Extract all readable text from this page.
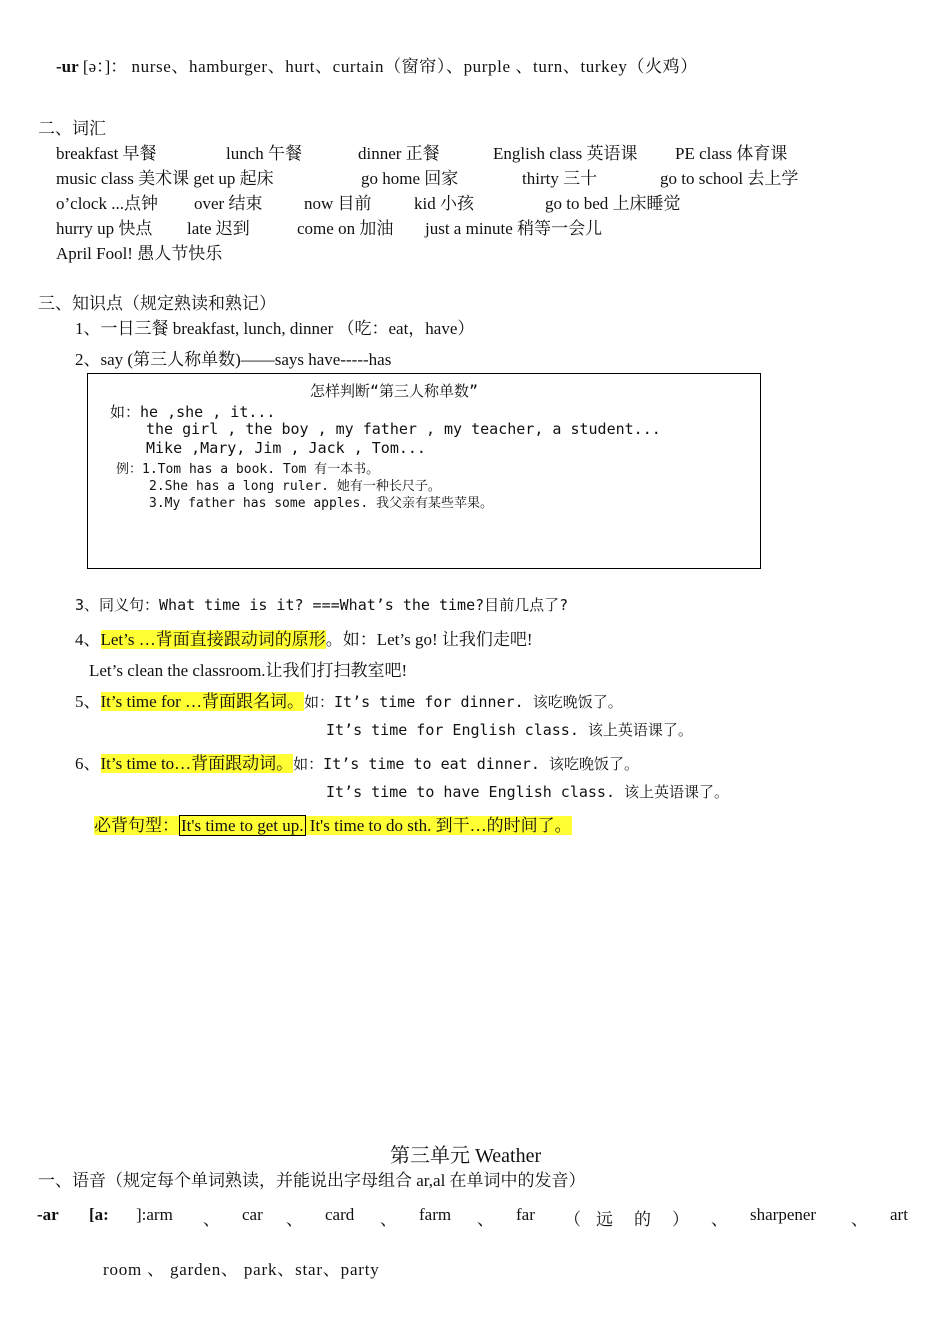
-ur [ə：]： nurse、hamburger、hurt、curtain（窗帘）、purple 、turn、turkey（火鸡）
二、词汇
breakfast 早餐	lunch 午餐	dinner 正餐	English class 英语课 PE class 体育课
music class 美术课 get up 起床	go home 回家	thirty 三十	go to school 去上学
o’clock ...点钟 over 结束 now 目前 kid 小孩	go to bed 上床睡觉
hurry up 快点 late 迟到	come on 加油 just a minute 稍等一会儿
April Fool! 愚人节快乐
三、知识点（规定熟读和熟记）
1、一日三餐 breakfast, lunch, dinner （吃：eat，have）
2、say (第三人称单数)——says have-----has
怎样判断“第三人称单数”
如：he ,she , it...
the girl , the boy , my father , my teacher, a student...
Mike ,Mary, Jim , Jack , Tom...
例：1.Tom has a book. Tom 有一本书。
2.She has a long ruler. 她有一种长尺子。
3.My father has some apples. 我父亲有某些苹果。
3、同义句：What time is it? ===What’s the time?目前几点了?
4、Let’s …背面直接跟动词的原形。如：Let’s go! 让我们走吧!
Let’s clean the classroom.让我们打扫教室吧!
5、It’s time for …背面跟名词。如：It’s time for dinner. 该吃晚饭了。
It’s time for English class. 该上英语课了。
6、It’s time to…背面跟动词。如：It’s time to eat dinner. 该吃晚饭了。
It’s time to have English class. 该上英语课了。
必背句型： It's time to get up. It's time to do sth. 到干…的时间了。
第三单元 Weather
一、语音（规定每个单词熟读，并能说出字母组合 ar,al 在单词中的发音）
-ar [a: ]:arm 、 car 、 card 、 farm 、 far （ 远 的 ） 、 sharpener 、 art
room 、 garden、 park、star、party
